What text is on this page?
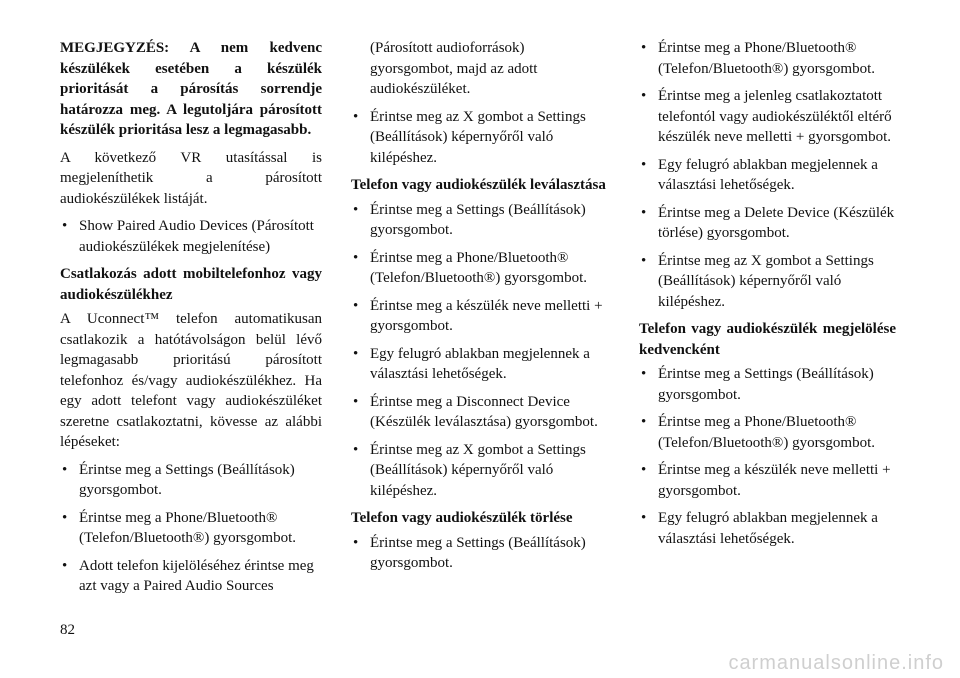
MEGJEGYZÉS: A nem kedvenc készülékek esetében a készülék prioritását a párosítás sorrendje határozza meg. A legutoljára párosított készülék prioritása lesz a legmagasabb.

A következő VR utasítással is megjeleníthetik a párosított audiokészülékek listáját.

• Show Paired Audio Devices (Párosított audiokészülékek megjelenítése)
Csatlakozás adott mobiltelefonhoz vagy audiokészülékhez

A Uconnect™ telefon automatikusan csatlakozik a hatótávolságon belül lévő legmagasabb prioritású párosított telefonhoz és/vagy audiokészülékhez. Ha egy adott telefont vagy audiokészüléket szeretne csatlakoztatni, kövesse az alábbi lépéseket:

• Érintse meg a Settings (Beállítások) gyorsgombot.
• Érintse meg a Phone/Bluetooth® (Telefon/Bluetooth®) gyorsgombot.
• Adott telefon kijelöléséhez érintse meg azt vagy a Paired Audio Sources

(Párosított audioforrások) gyorsgombot, majd az adott audiokészüléket.

• Érintse meg az X gombot a Settings (Beállítások) képernyőről való kilépéshez.
Telefon vagy audiokészülék leválasztása
• Érintse meg a Settings (Beállítások) gyorsgombot.
• Érintse meg a Phone/Bluetooth® (Telefon/Bluetooth®) gyorsgombot.
• Érintse meg a készülék neve melletti + gyorsgombot.
• Egy felugró ablakban megjelennek a választási lehetőségek.
• Érintse meg a Disconnect Device (Készülék leválasztása) gyorsgombot.
• Érintse meg az X gombot a Settings (Beállítások) képernyőről való kilépéshez.
Telefon vagy audiokészülék törlése
• Érintse meg a Settings (Beállítások) gyorsgombot.
• Érintse meg a Phone/Bluetooth® (Telefon/Bluetooth®) gyorsgombot.
• Érintse meg a jelenleg csatlakoztatott telefontól vagy audiokészüléktől eltérő készülék neve melletti + gyorsgombot.
• Egy felugró ablakban megjelennek a választási lehetőségek.
• Érintse meg a Delete Device (Készülék törlése) gyorsgombot.
• Érintse meg az X gombot a Settings (Beállítások) képernyőről való kilépéshez.
Telefon vagy audiokészülék megjelölése kedvencként
• Érintse meg a Settings (Beállítások) gyorsgombot.
• Érintse meg a Phone/Bluetooth® (Telefon/Bluetooth®) gyorsgombot.
• Érintse meg a készülék neve melletti + gyorsgombot.
• Egy felugró ablakban megjelennek a választási lehetőségek.
82
carmanualsonline.info
